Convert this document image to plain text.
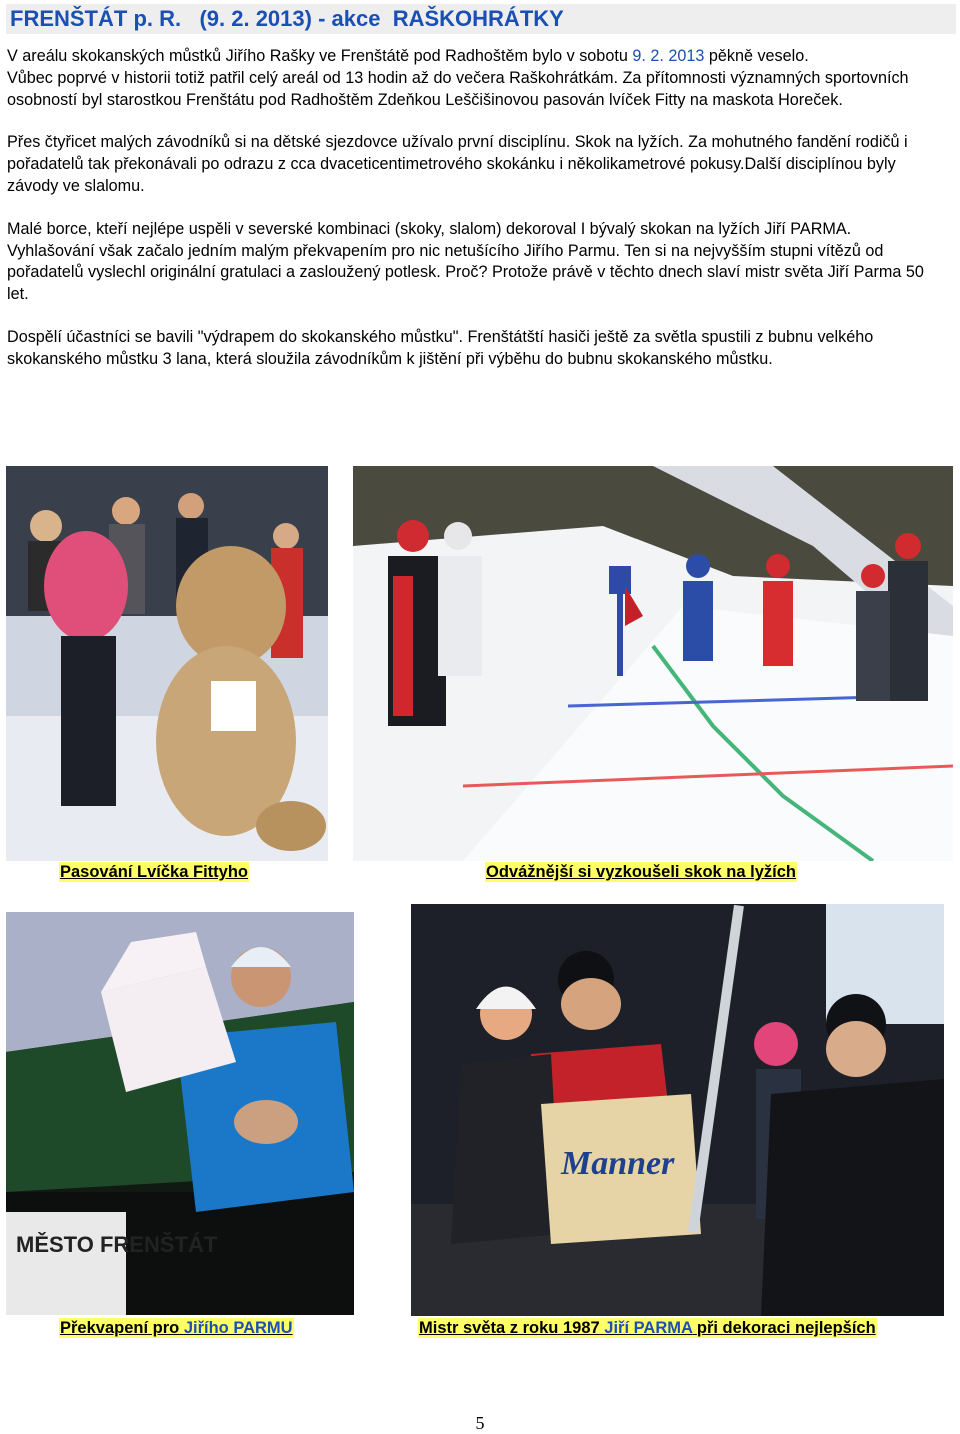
FRENŠTÁT p. R. (9. 2. 2013) - akce RAŠKOHRÁTKY

V areálu skokanských můstků Jiřího Rašky ve Frenštátě pod Radhoštěm bylo v sobotu 9. 2. 2013 pěkně veselo.
Vůbec poprvé v historii totiž patřil celý areál od 13 hodin až do večera Raškohrátkám. Za přítomnosti významných sportovních osobností byl starostkou Frenštátu pod Radhoštěm Zdeňkou Leščišinovou pasován lvíček Fitty na maskota Horeček.

Přes čtyřicet malých závodníků si na dětské sjezdovce užívalo první disciplínu. Skok na lyžích. Za mohutného fandění rodičů i pořadatelů tak překonávali po odrazu z cca dvaceticentimetrového skokánku i několikametrové pokusy.Další disciplínou byly závody ve slalomu.

Malé borce, kteří nejlépe uspěli v severské kombinaci (skoky, slalom) dekoroval I bývalý skokan na lyžích Jiří PARMA.

Vyhlašování však začalo jedním malým překvapením pro nic netušícího Jiřího Parmu. Ten si na nejvyšším stupni vítězů od pořadatelů vyslechl originální gratulaci a zasloužený potlesk. Proč? Protože právě v těchto dnech slaví mistr světa Jiří Parma 50 let.

Dospělí účastníci se bavili "výdrapem do skokanského můstku". Frenštátští hasiči ještě za světla spustili z bubnu velkého skokanského můstku 3 lana, která sloužila závodníkům k jištění při výběhu do bubnu skokanského můstku.

Pasování Lvíčka Fittyho	Odvážnější si vyzkoušeli skok na lyžích
MĚSTO FRENŠTÁT
Překvapení pro Jiřího PARMU
Manner
Mistr světa z roku 1987 Jiří PARMA při dekoraci nejlepších
5
